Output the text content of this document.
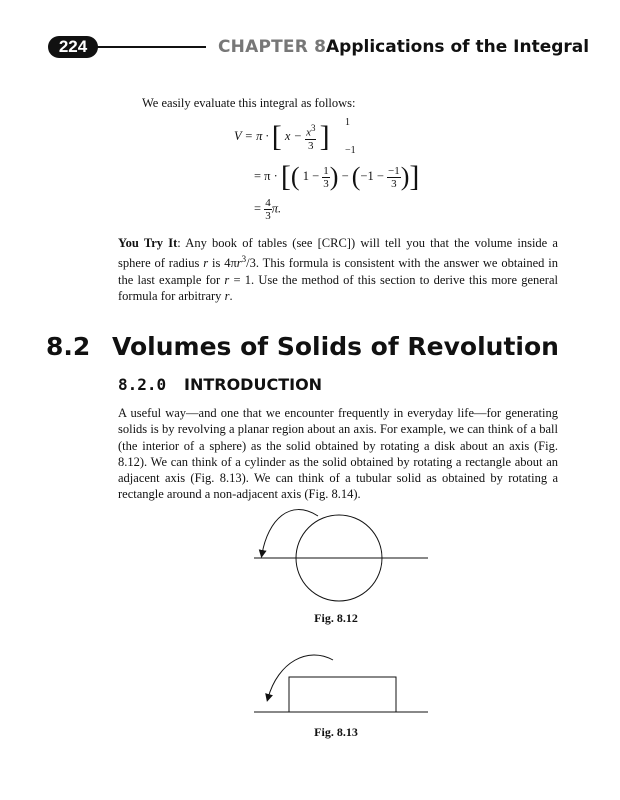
224	CHAPTER 8 Applications of the Integral
We easily evaluate this integral as follows:
V = π · [ $x - \frac{x^3}{3}$ ] 1
−1
= π · [( $1 - \frac{1}{3}$ ) − ($-1 - \frac{-1}{3}$ )]
= $\frac{4}{3} \pi$.
You Try It: Any book of tables (see [CRC]) will tell you that the volume inside a sphere of radius r is $4\pi r^3/3$. This formula is consistent with the answer we obtained in the last example for r = 1. Use the method of this section to derive this more general formula for arbitrary r.
8.2 Volumes of Solids of Revolution
8.2.0 INTRODUCTION
A useful way—and one that we encounter frequently in everyday life—for generating solids is by revolving a planar region about an axis. For example, we can think of a ball (the interior of a sphere) as the solid obtained by rotating a disk about an axis (Fig. 8.12). We can think of a cylinder as the solid obtained by rotating a rectangle about an adjacent axis (Fig. 8.13). We can think of a tubular solid as obtained by rotating a rectangle around a non-adjacent axis (Fig. 8.14).
Fig. 8.12
Fig. 8.13
